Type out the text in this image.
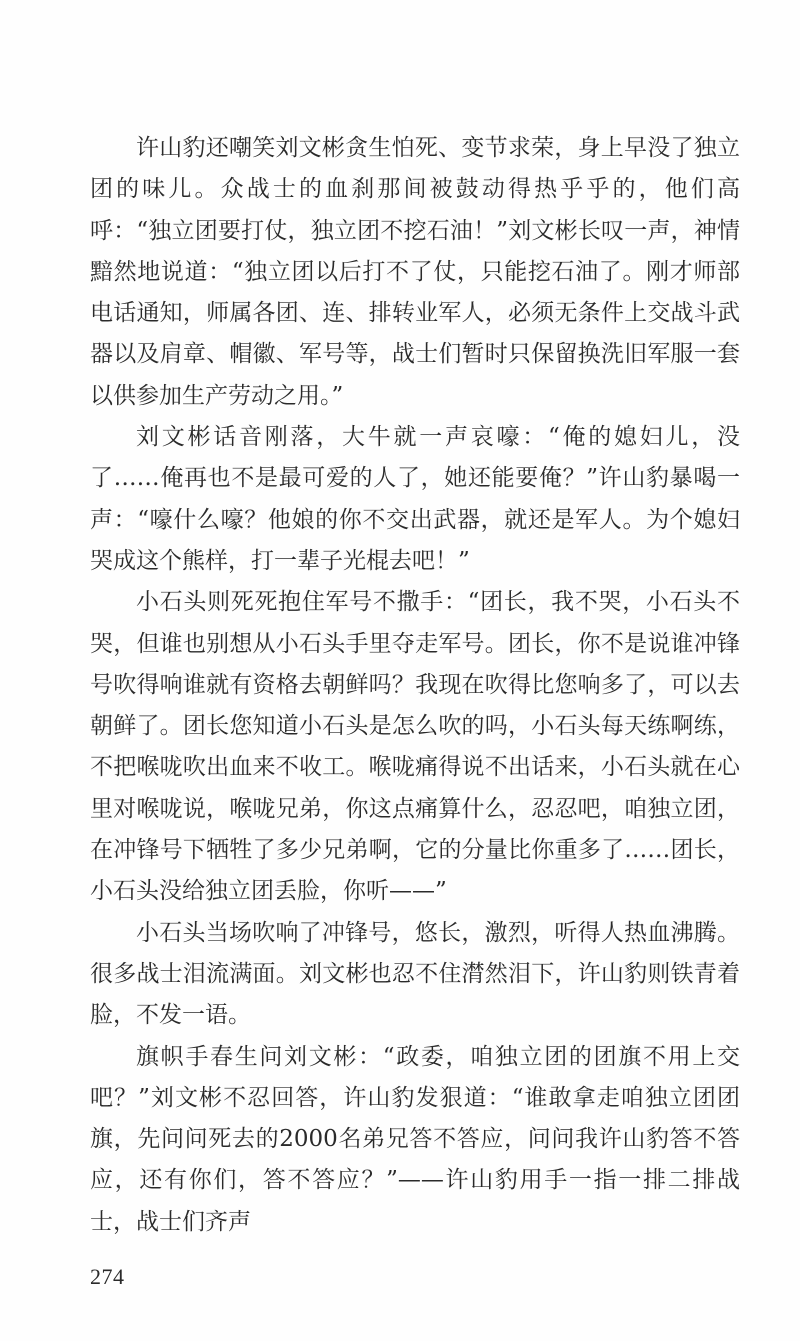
许山豹还嘲笑刘文彬贪生怕死、变节求荣，身上早没了独立团的味儿。众战士的血刹那间被鼓动得热乎乎的，他们高呼：“独立团要打仗，独立团不挖石油！”刘文彬长叹一声，神情黯然地说道：“独立团以后打不了仗，只能挖石油了。刚才师部电话通知，师属各团、连、排转业军人，必须无条件上交战斗武器以及肩章、帽徽、军号等，战士们暂时只保留换洗旧军服一套以供参加生产劳动之用。”

刘文彬话音刚落，大牛就一声哀嚎：“俺的媳妇儿，没了……俺再也不是最可爱的人了，她还能要俺？”许山豹暴喝一声：“嚎什么嚎？他娘的你不交出武器，就还是军人。为个媳妇哭成这个熊样，打一辈子光棍去吧！”

小石头则死死抱住军号不撒手：“团长，我不哭，小石头不哭，但谁也别想从小石头手里夺走军号。团长，你不是说谁冲锋号吹得响谁就有资格去朝鲜吗？我现在吹得比您响多了，可以去朝鲜了。团长您知道小石头是怎么吹的吗，小石头每天练啊练，不把喉咙吹出血来不收工。喉咙痛得说不出话来，小石头就在心里对喉咙说，喉咙兄弟，你这点痛算什么，忍忍吧，咱独立团，在冲锋号下牺牲了多少兄弟啊，它的分量比你重多了……团长，小石头没给独立团丢脸，你听——”

小石头当场吹响了冲锋号，悠长，激烈，听得人热血沸腾。很多战士泪流满面。刘文彬也忍不住潸然泪下，许山豹则铁青着脸，不发一语。

旗帜手春生问刘文彬：“政委，咱独立团的团旗不用上交吧？”刘文彬不忍回答，许山豹发狠道：“谁敢拿走咱独立团团旗，先问问死去的2000名弟兄答不答应，问问我许山豹答不答应，还有你们，答不答应？”——许山豹用手一指一排二排战士，战士们齐声

274
